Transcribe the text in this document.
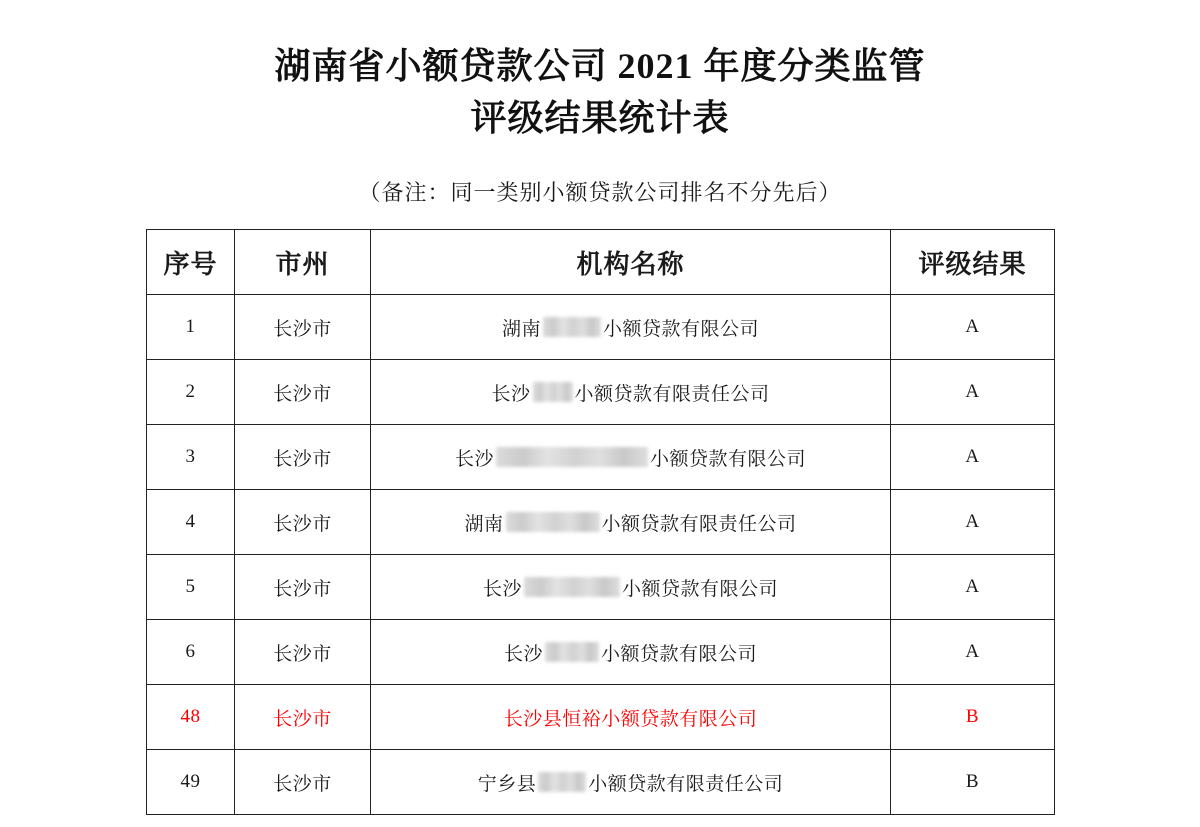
湖南省小额贷款公司 2021 年度分类监管
评级结果统计表

（备注：同一类别小额贷款公司排名不分先后）

序号	市州	机构名称	评级结果
1	长沙市	湖南 小额贷款有限公司	A
2	长沙市	长沙 小额贷款有限责任公司	A
3	长沙市	长沙 小额贷款有限公司	A
4	长沙市	湖南 小额贷款有限责任公司	A
5	长沙市	长沙 小额贷款有限公司	A
6	长沙市	长沙 小额贷款有限公司	A
48	长沙市	长沙县恒裕小额贷款有限公司	B
49	长沙市	宁乡县 小额贷款有限责任公司	B
